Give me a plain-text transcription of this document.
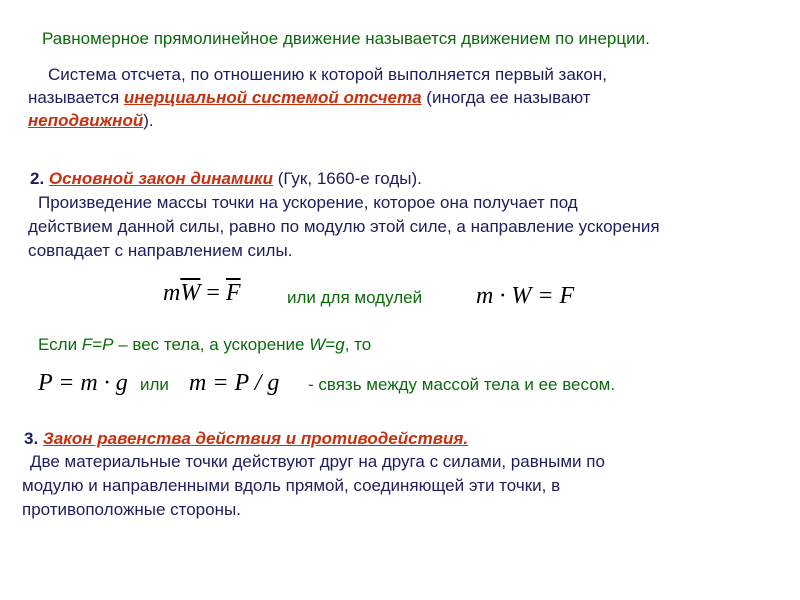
Равномерное прямолинейное движение называется движением по инерции.
Система отсчета, по отношению к которой выполняется первый закон,
называется инерциальной системой отсчета (иногда ее называют
неподвижной).
2. Основной закон динамики (Гук, 1660-е годы).
Произведение массы точки на ускорение, которое она получает под
действием данной силы, равно по модулю этой силе, а направление ускорения
совпадает с направлением силы.
$m\overline{W} = \overline{F}$	или для модулей m · W = F
Если F=P – вес тела, а ускорение W=g, то
P = m · g или m = P / g - связь между массой тела и ее весом.
3. Закон равенства действия и противодействия.
Две материальные точки действуют друг на друга с силами, равными по
модулю и направленными вдоль прямой, соединяющей эти точки, в
противоположные стороны.
